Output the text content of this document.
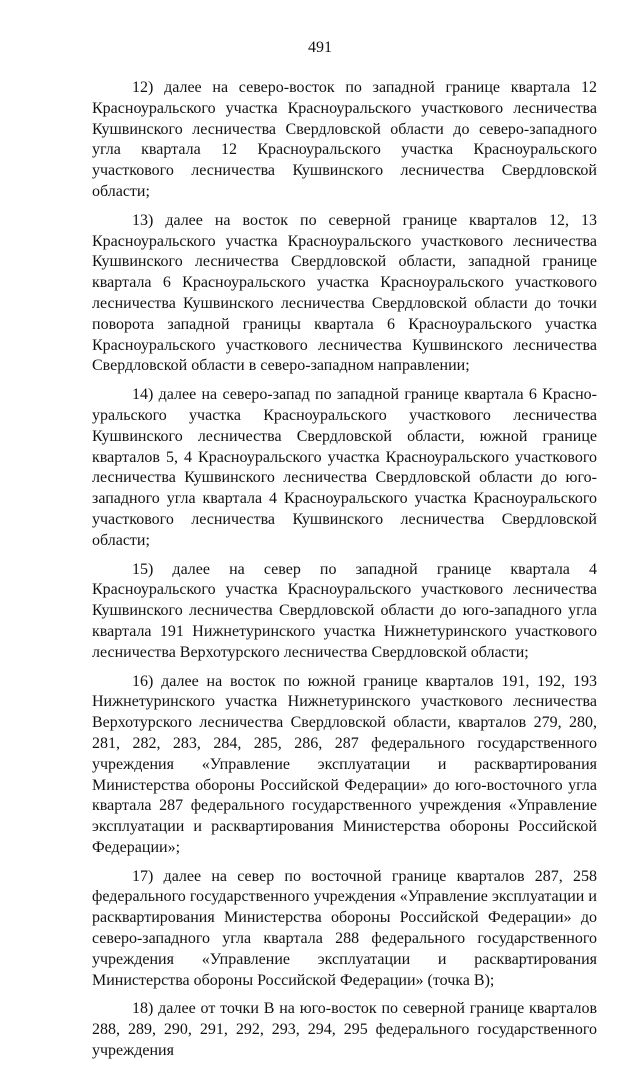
491

12) далее на северо-восток по западной границе квартала 12 Красноуральского участка Красноуральского участкового лесничества Кушвинского лесничества Свердловской области до северо-западного угла квартала 12 Красноуральского участка Красноуральского участкового лесничества Кушвинского лесничества Свердловской области;

13) далее на восток по северной границе кварталов 12, 13 Красноуральского участка Красноуральского участкового лесничества Кушвинского лесничества Свердловской области, западной границе квартала 6 Красноуральского участка Красноуральского участкового лесничества Кушвинского лесничества Свердловской области до точки поворота западной границы квартала 6 Красноуральского участка Красноуральского участкового лесничества Кушвинского лесничества Свердловской области в северо-западном направлении;

14) далее на северо-запад по западной границе квартала 6 Красноуральского участка Красноуральского участкового лесничества Кушвинского лесничества Свердловской области, южной границе кварталов 5, 4 Красноуральского участка Красноуральского участкового лесничества Кушвинского лесничества Свердловской области до юго-западного угла квартала 4 Красноуральского участка Красноуральского участкового лесничества Кушвинского лесничества Свердловской области;

15) далее на север по западной границе квартала 4 Красноуральского участка Красноуральского участкового лесничества Кушвинского лесничества Свердловской области до юго-западного угла квартала 191 Нижнетуринского участка Нижнетуринского участкового лесничества Верхотурского лесничества Свердловской области;

16) далее на восток по южной границе кварталов 191, 192, 193 Нижнетуринского участка Нижнетуринского участкового лесничества Верхотурского лесничества Свердловской области, кварталов 279, 280, 281, 282, 283, 284, 285, 286, 287 федерального государственного учреждения «Управление эксплуатации и расквартирования Министерства обороны Российской Федерации» до юго-восточного угла квартала 287 федерального государственного учреждения «Управление эксплуатации и расквартирования Министерства обороны Российской Федерации»;

17) далее на север по восточной границе кварталов 287, 258 федерального государственного учреждения «Управление эксплуатации и расквартирования Министерства обороны Российской Федерации» до северо-западного угла квартала 288 федерального государственного учреждения «Управление эксплуатации и расквартирования Министерства обороны Российской Федерации» (точка В);

18) далее от точки В на юго-восток по северной границе кварталов 288, 289, 290, 291, 292, 293, 294, 295 федерального государственного учреждения
